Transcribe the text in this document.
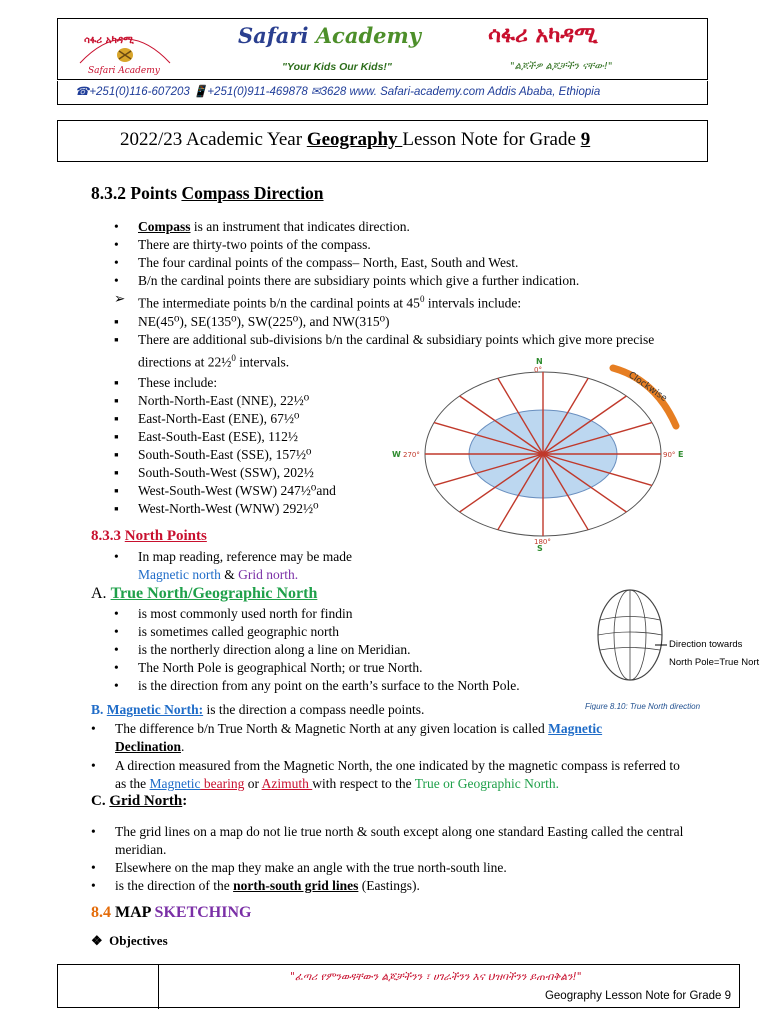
ሳፋሪ አካዳሚ
Safari Academy
Safari Academy
"Your Kids Our Kids!"
ሳፋሪ አካዳሚ
"ልጆችዎ ልጆቻችን ናቸው!"
☎+251(0)116-607203 📱+251(0)911-469878 ✉3628 www. Safari-academy.com Addis Ababa, Ethiopia
2022/23 Academic Year Geography Lesson Note for Grade 9
8.3.2 Points Compass Direction
•	Compass is an instrument that indicates direction.
•	There are thirty-two points of the compass.
•	The four cardinal points of the compass– North, East, South and West.
•	B/n the cardinal points there are subsidiary points which give a further indication.
➢ The intermediate points b/n the cardinal points at $45^0$ intervals include:
▪	NE(45⁰), SE(135⁰), SW(225⁰), and NW(315⁰)
▪	There are additional sub-divisions b/n the cardinal & subsidiary points which give more precise directions at 22½$^0$ intervals.
▪	These include:
▪	North-North-East (NNE), 22½⁰
▪	East-North-East (ENE), 67½⁰
▪	East-South-East (ESE), 112½
▪	South-South-East (SSE), 157½⁰
▪	South-South-West (SSW), 202½
▪	West-South-West (WSW) 247½⁰and
▪	West-North-West (WNW) 292½⁰
Clockwise
N
0°
180°
S
W 270°	90° E
8.3.3 North Points
•	In map reading, reference may be made
Magnetic north & Grid north.
A. True North/Geographic North
•	is most commonly used north for findin
•	is sometimes called geographic north
•	is the northerly direction along a line on Meridian.
•	The North Pole is geographical North; or true North.
•	is the direction from any point on the earth’s surface to the North Pole.
Direction towards
North Pole=True Nort
Figure 8.10: True North direction
B. Magnetic North: is the direction a compass needle points.
•	The difference b/n True North & Magnetic North at any given location is called Magnetic
Declination.
•	A direction measured from the Magnetic North, the one indicated by the magnetic compass is referred to as the Magnetic bearing or Azimuth with respect to the True or Geographic North.
C. Grid North:
•	The grid lines on a map do not lie true north & south except along one standard Easting called the central meridian.
•	Elsewhere on the map they make an angle with the true north-south line.
•	is the direction of the north-south grid lines (Eastings).
8.4 MAP SKETCHING
❖ Objectives
"ፈጣሪ የምንወዳቸውን ልጆቻችንን ፣ ሀገራችንን እና ህዝባችንን ይጠብቅልን!"
Geography Lesson Note for Grade 9
